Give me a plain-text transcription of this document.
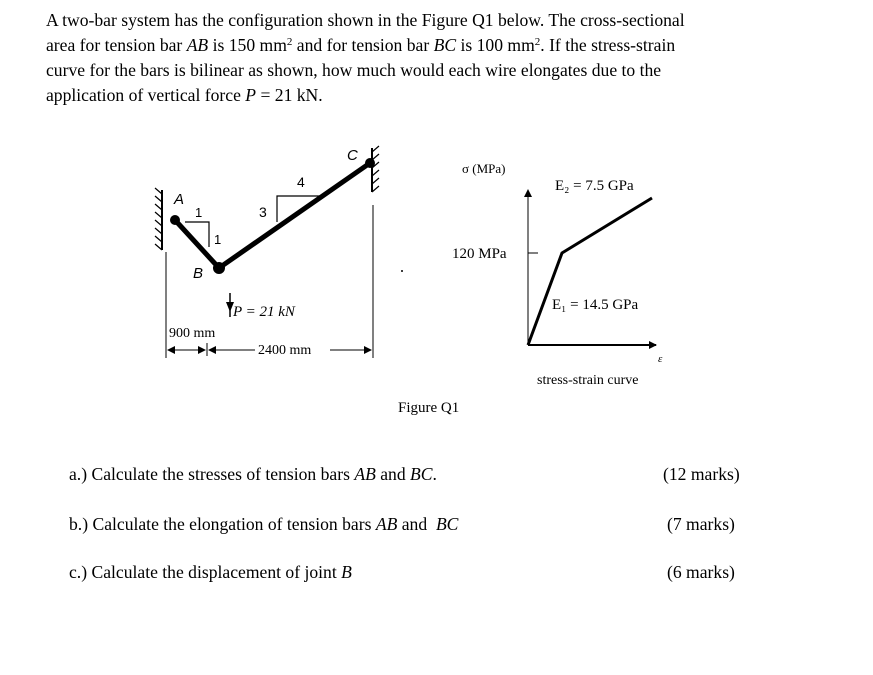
A two-bar system has the configuration shown in the Figure Q1 below. The cross-sectional
area for tension bar AB is 150 $mm^2$ and for tension bar BC is 100 $mm^2$. If the stress-strain
curve for the bars is bilinear as shown, how much would each wire elongates due to the
application of vertical force P = 21 kN.
C
A
B
1
1
3
4
P = 21 kN
900 mm
2400 mm
σ (MPa)
120 MPa
E₂ = 7.5 GPa
E₁ = 14.5 GPa
ε
stress-strain curve
Figure Q1
a.) Calculate the stresses of tension bars AB and BC.	(12 marks)
b.) Calculate the elongation of tension bars AB and  BC	(7 marks)
c.) Calculate the displacement of joint B	(6 marks)
